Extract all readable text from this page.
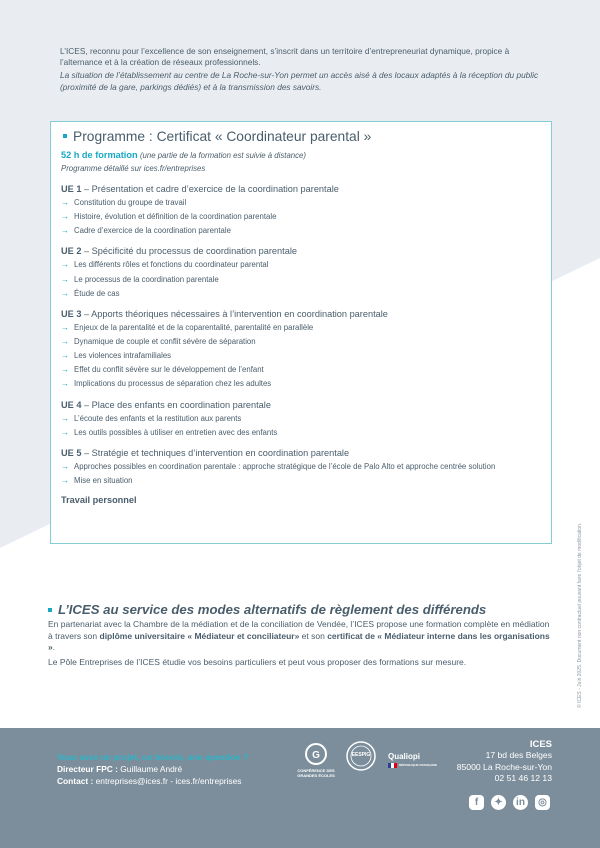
L’ICES, reconnu pour l’excellence de son enseignement, s’inscrit dans un territoire d’entrepreneuriat dynamique, propice à l’alternance et à la création de réseaux professionnels.

La situation de l’établissement au centre de La Roche-sur-Yon permet un accès aisé à des locaux adaptés à la réception du public (proximité de la gare, parkings dédiés) et à la transmission des savoirs.

Programme : Certificat « Coordinateur parental »
52 h de formation (une partie de la formation est suivie à distance)
Programme détaillé sur ices.fr/entreprises
UE 1 – Présentation et cadre d’exercice de la coordination parentale
→ Constitution du groupe de travail
→ Histoire, évolution et définition de la coordination parentale
→ Cadre d’exercice de la coordination parentale
UE 2 – Spécificité du processus de coordination parentale
→ Les différents rôles et fonctions du coordinateur parental
→ Le processus de la coordination parentale
→ Étude de cas
UE 3 – Apports théoriques nécessaires à l’intervention en coordination parentale
→ Enjeux de la parentalité et de la coparentalité, parentalité en parallèle
→ Dynamique de couple et conflit sévère de séparation
→ Les violences intrafamiliales
→ Effet du conflit sévère sur le développement de l’enfant
→ Implications du processus de séparation chez les adultes
UE 4 – Place des enfants en coordination parentale
→ L’écoute des enfants et la restitution aux parents
→ Les outils possibles à utiliser en entretien avec des enfants
UE 5 – Stratégie et techniques d’intervention en coordination parentale
→ Approches possibles en coordination parentale : approche stratégique de l’école de Palo Alto et approche centrée solution
→ Mise en situation
Travail personnel
L’ICES au service des modes alternatifs de règlement des différends

En partenariat avec la Chambre de la médiation et de la conciliation de Vendée, l’ICES propose une formation complète en médiation à travers son diplôme universitaire « Médiateur et conciliateur» et son certificat de « Médiateur interne dans les organisations ».

Le Pôle Entreprises de l’ICES étudie vos besoins particuliers et peut vous proposer des formations sur mesure.	© ICES - Juin 2025. Document non contractuel pouvant faire l’objet de modification.
Vous avez un projet, un besoin, une question ?
Directeur FPC : Guillaume André
Contact : entreprises@ices.fr - ices.fr/entreprises
G
CONFÉRENCE DES GRANDES ÉCOLES
EESPIG	Qualiopi
RÉPUBLIQUE FRANÇAISE
ICES
17 bd des Belges
85000 La Roche-sur-Yon
02 51 46 12 13
f ✦ in ◎
